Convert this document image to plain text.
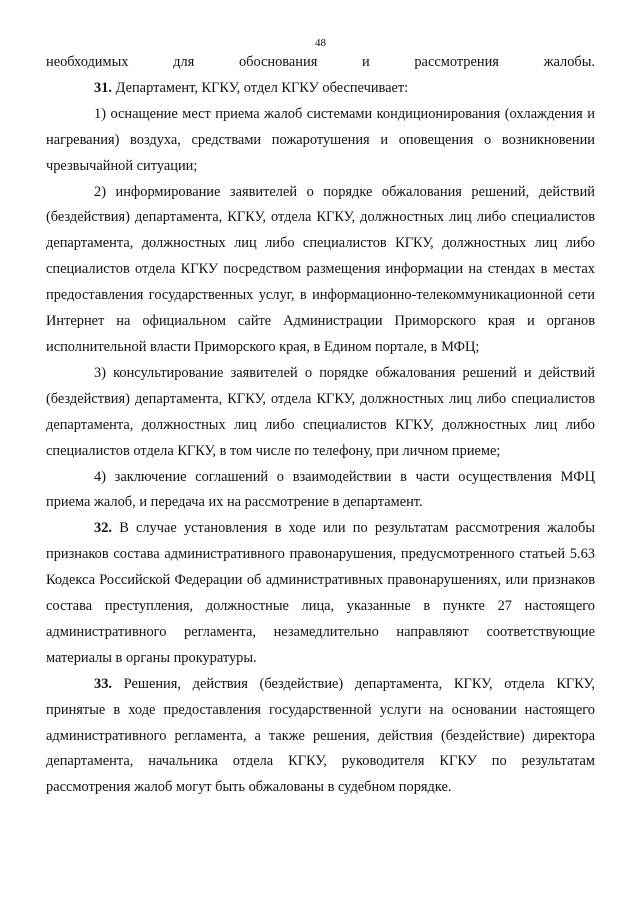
48

необходимых для обоснования и рассмотрения жалобы.

31. Департамент, КГКУ, отдел КГКУ обеспечивает:

1) оснащение мест приема жалоб системами кондиционирования (охлаждения и нагревания) воздуха, средствами пожаротушения и оповещения о возникновении чрезвычайной ситуации;

2) информирование заявителей о порядке обжалования решений, действий (бездействия) департамента, КГКУ, отдела КГКУ, должностных лиц либо специалистов департамента, должностных лиц либо специалистов КГКУ, должностных лиц либо специалистов отдела КГКУ посредством размещения информации на стендах в местах предоставления государственных услуг, в информационно-телекоммуникационной сети Интернет на официальном сайте Администрации Приморского края и органов исполнительной власти Приморского края, в Едином портале, в МФЦ;

3) консультирование заявителей о порядке обжалования решений и действий (бездействия) департамента, КГКУ, отдела КГКУ, должностных лиц либо специалистов департамента, должностных лиц либо специалистов КГКУ, должностных лиц либо специалистов отдела КГКУ, в том числе по телефону, при личном приеме;

4) заключение соглашений о взаимодействии в части осуществления МФЦ приема жалоб, и передача их на рассмотрение в департамент.

32. В случае установления в ходе или по результатам рассмотрения жалобы признаков состава административного правонарушения, предусмотренного статьей 5.63 Кодекса Российской Федерации об административных правонарушениях, или признаков состава преступления, должностные лица, указанные в пункте 27 настоящего административного регламента, незамедлительно направляют соответствующие материалы в органы прокуратуры.

33. Решения, действия (бездействие) департамента, КГКУ, отдела КГКУ, принятые в ходе предоставления государственной услуги на основании настоящего административного регламента, а также решения, действия (бездействие) директора департамента, начальника отдела КГКУ, руководителя КГКУ по результатам рассмотрения жалоб могут быть обжалованы в судебном порядке.
